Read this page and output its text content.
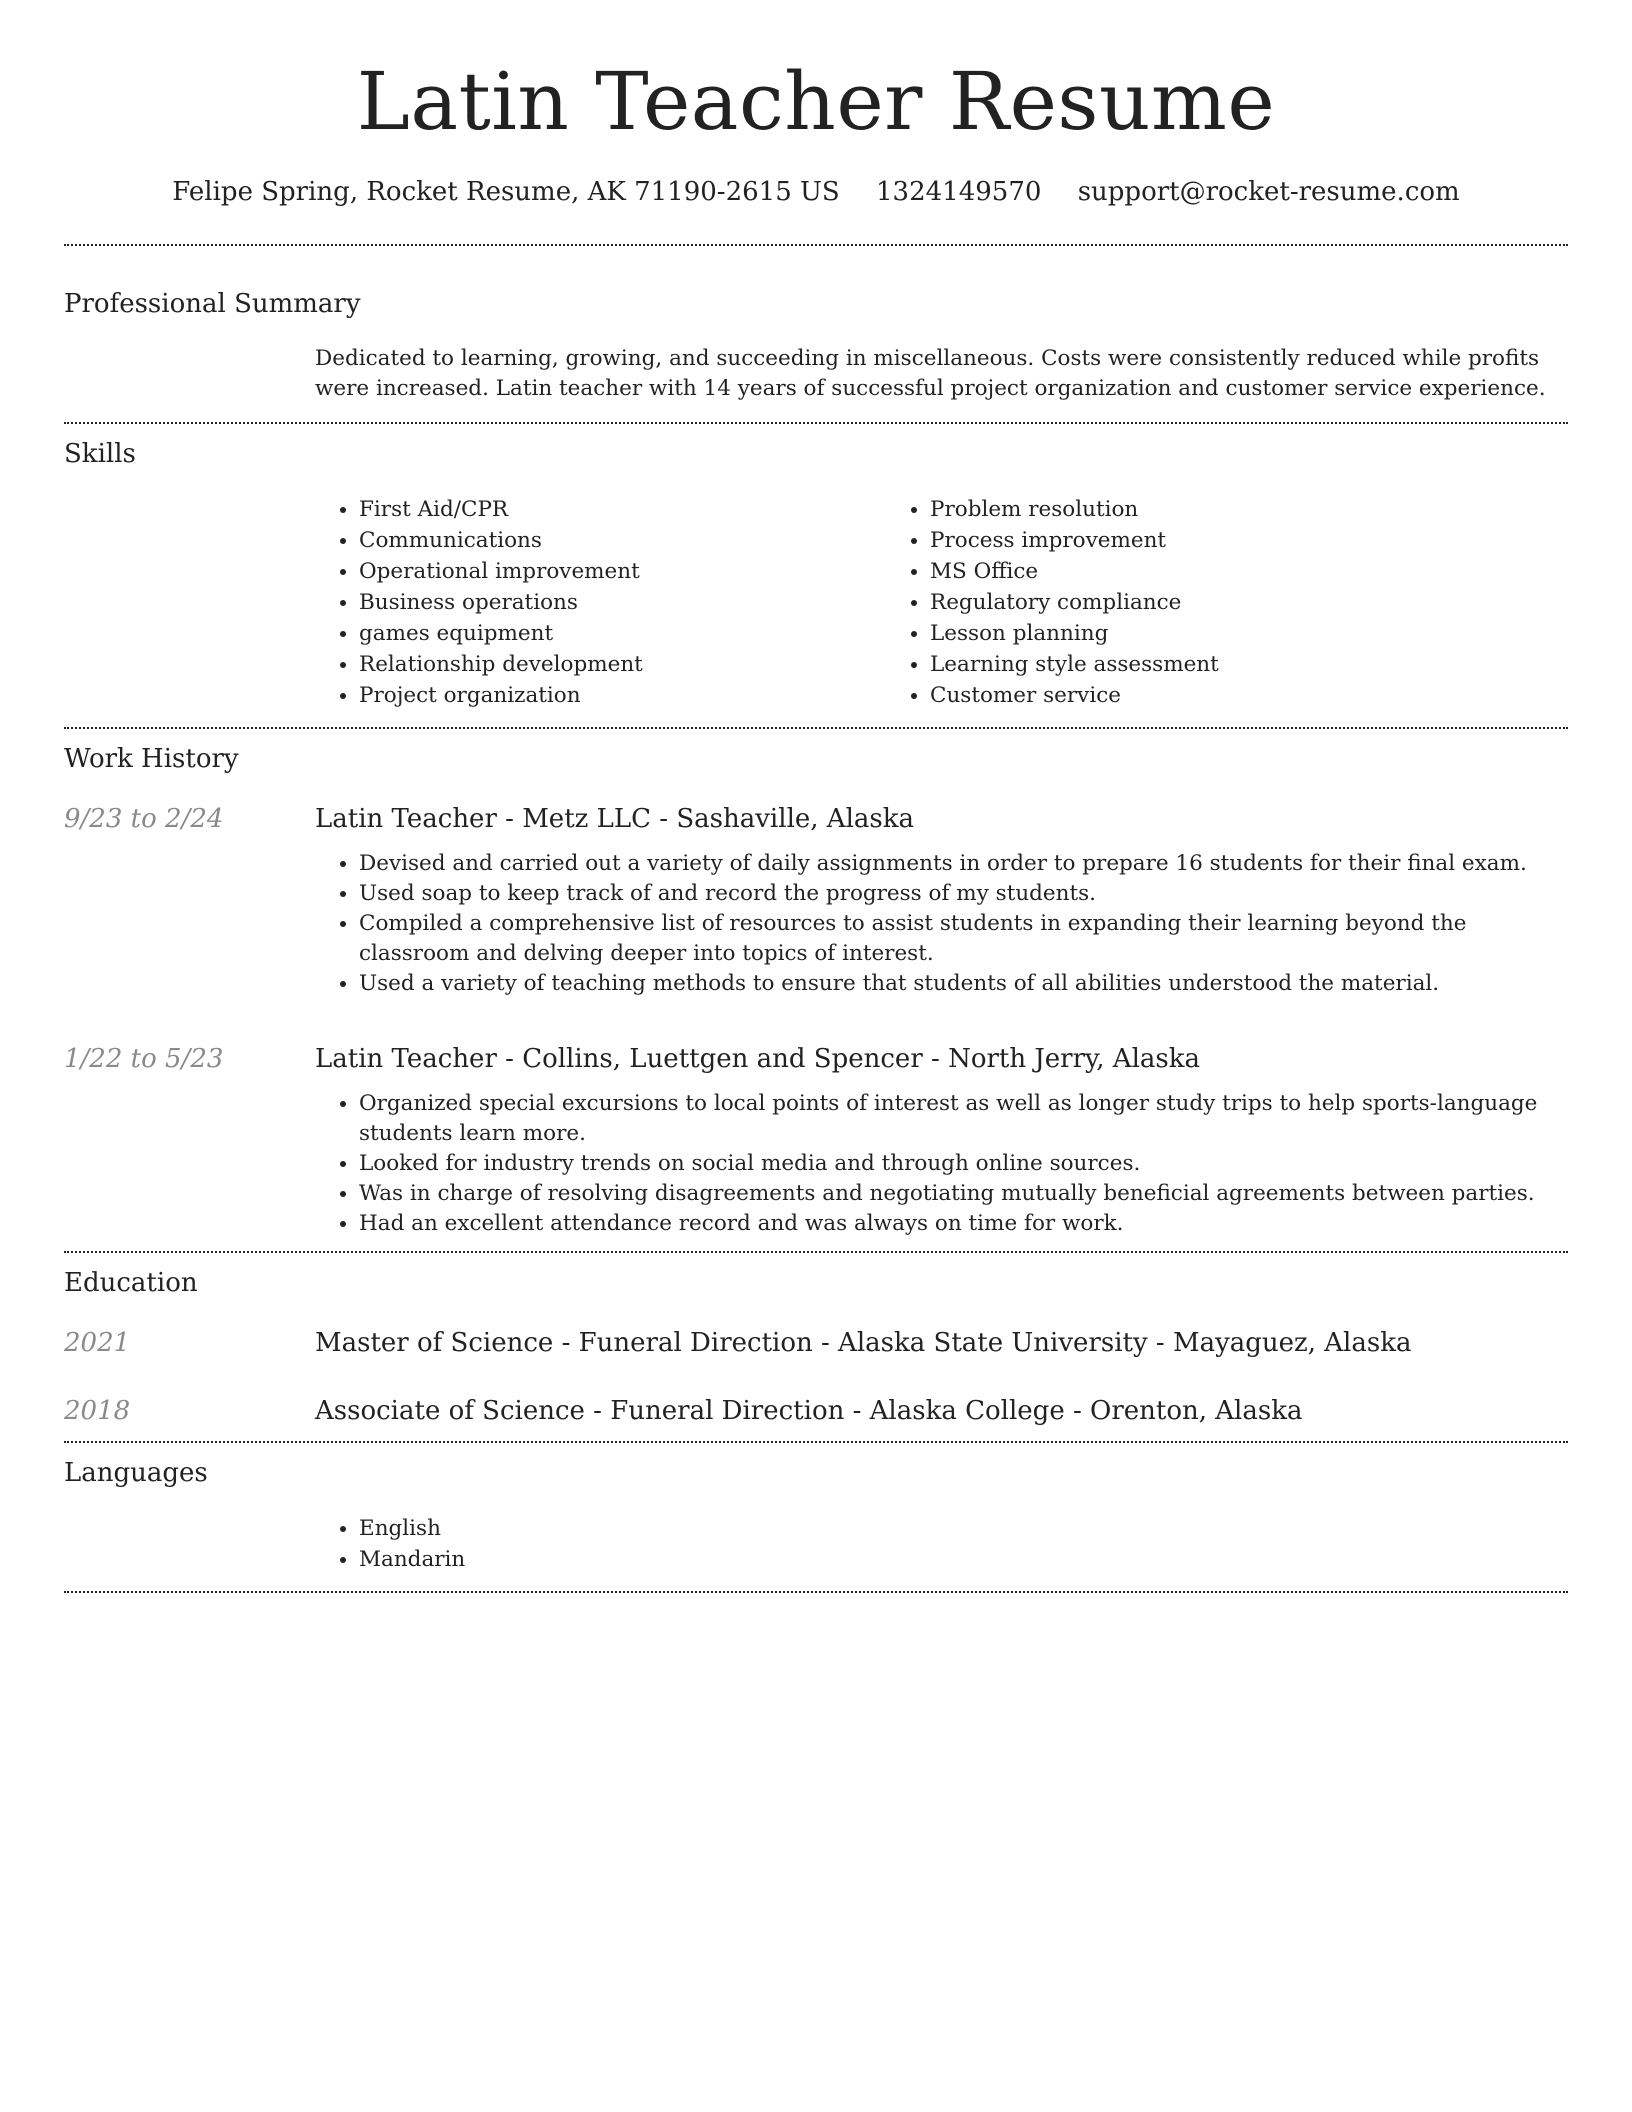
Latin Teacher Resume
Felipe Spring, Rocket Resume, AK 71190-2615 US 1324149570 support@rocket-resume.com
Professional Summary
Dedicated to learning, growing, and succeeding in miscellaneous. Costs were consistently reduced while profits were increased. Latin teacher with 14 years of successful project organization and customer service experience.
Skills
• First Aid/CPR
• Communications
• Operational improvement
• Business operations
• games equipment
• Relationship development
• Project organization
• Problem resolution
• Process improvement
• MS Office
• Regulatory compliance
• Lesson planning
• Learning style assessment
• Customer service
Work History
9/23 to 2/24	Latin Teacher - Metz LLC - Sashaville, Alaska
• Devised and carried out a variety of daily assignments in order to prepare 16 students for their final exam.
• Used soap to keep track of and record the progress of my students.
• Compiled a comprehensive list of resources to assist students in expanding their learning beyond the classroom and delving deeper into topics of interest.
• Used a variety of teaching methods to ensure that students of all abilities understood the material.
1/22 to 5/23	Latin Teacher - Collins, Luettgen and Spencer - North Jerry, Alaska
• Organized special excursions to local points of interest as well as longer study trips to help sports-language students learn more.
• Looked for industry trends on social media and through online sources.
• Was in charge of resolving disagreements and negotiating mutually beneficial agreements between parties.
• Had an excellent attendance record and was always on time for work.
Education
2021	Master of Science - Funeral Direction - Alaska State University - Mayaguez, Alaska
2018	Associate of Science - Funeral Direction - Alaska College - Orenton, Alaska
Languages
• English
• Mandarin
